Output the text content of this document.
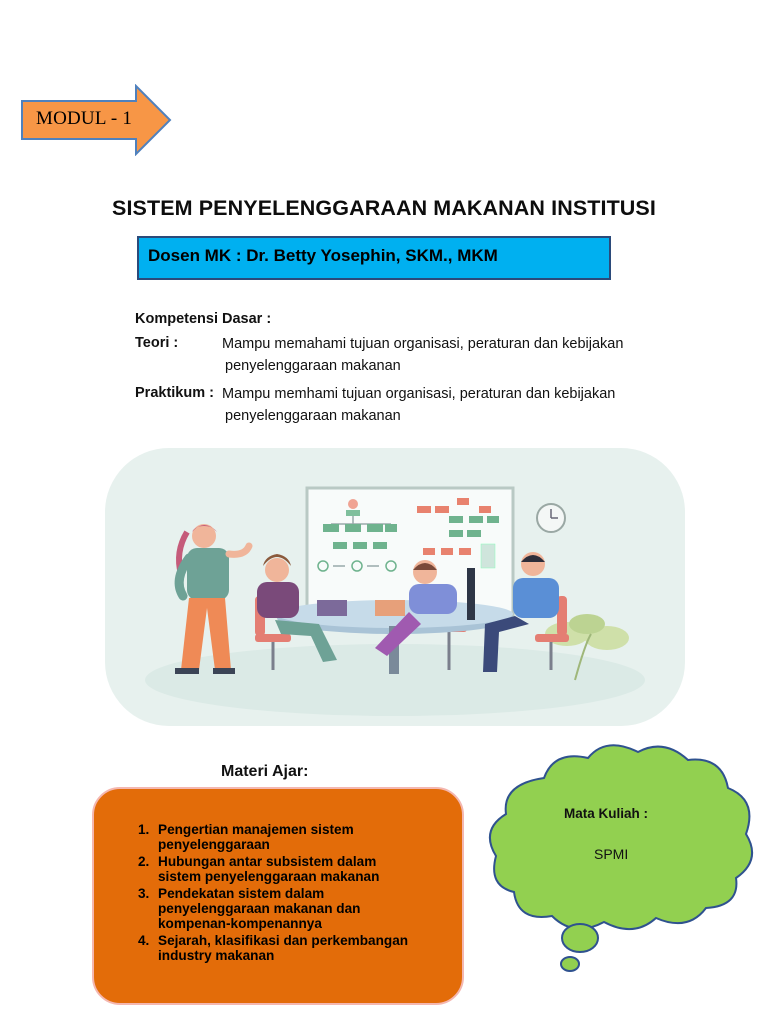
MODUL - 1
SISTEM PENYELENGGARAAN MAKANAN INSTITUSI
Dosen MK : Dr. Betty Yosephin, SKM., MKM
Kompetensi Dasar :
Teori :	Mampu memahami tujuan organisasi, peraturan dan kebijakan
penyelenggaraan makanan
Praktikum : Mampu memhami tujuan organisasi, peraturan dan kebijakan
penyelenggaraan makanan
Materi Ajar:
1. Pengertian manajemen sistem
penyelenggaraan
2. Hubungan antar subsistem dalam
sistem penyelenggaraan makanan
3. Pendekatan sistem dalam
penyelenggaraan makanan dan
kompenan-kompenannya
4. Sejarah, klasifikasi dan perkembangan
industry makanan
Mata Kuliah :
SPMI
